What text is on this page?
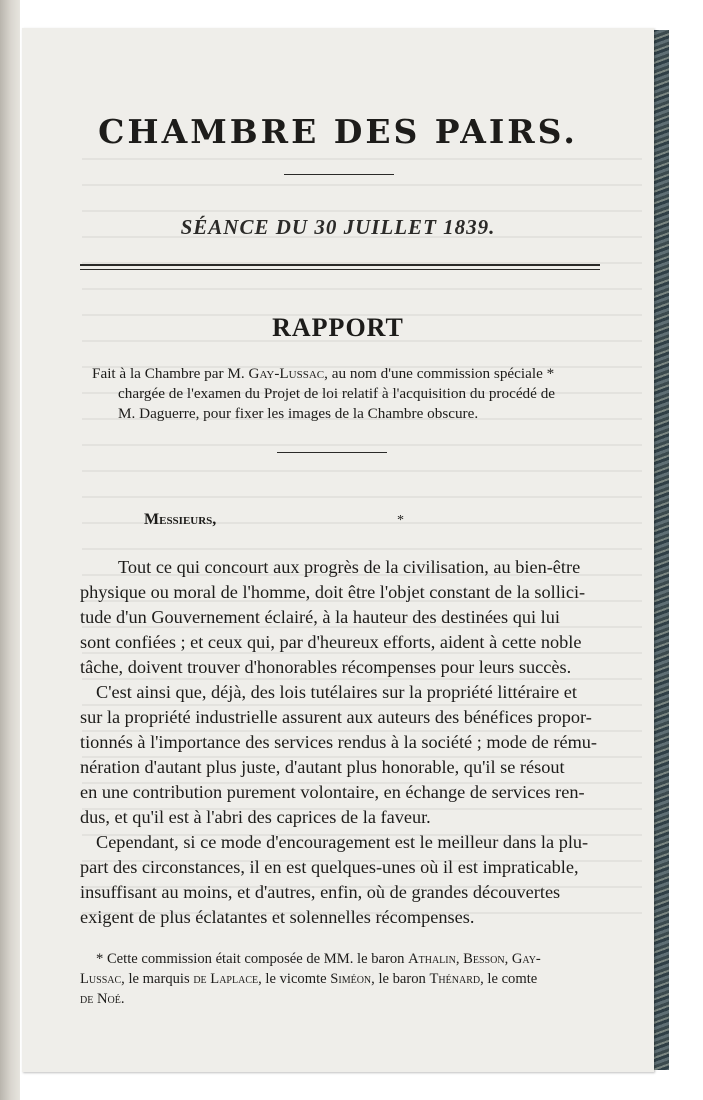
CHAMBRE DES PAIRS.
SÉANCE DU 30 JUILLET 1839.
RAPPORT
Fait à la Chambre par M. Gay-Lussac, au nom d'une commission spéciale *
chargée de l'examen du Projet de loi relatif à l'acquisition du procédé de
M. Daguerre, pour fixer les images de la Chambre obscure.
Messieurs,	*
Tout ce qui concourt aux progrès de la civilisation, au bien-être
physique ou moral de l'homme, doit être l'objet constant de la sollici-
tude d'un Gouvernement éclairé, à la hauteur des destinées qui lui
sont confiées ; et ceux qui, par d'heureux efforts, aident à cette noble
tâche, doivent trouver d'honorables récompenses pour leurs succès.
C'est ainsi que, déjà, des lois tutélaires sur la propriété littéraire et
sur la propriété industrielle assurent aux auteurs des bénéfices propor-
tionnés à l'importance des services rendus à la société ; mode de rému-
nération d'autant plus juste, d'autant plus honorable, qu'il se résout
en une contribution purement volontaire, en échange de services ren-
dus, et qu'il est à l'abri des caprices de la faveur.
Cependant, si ce mode d'encouragement est le meilleur dans la plu-
part des circonstances, il en est quelques-unes où il est impraticable,
insuffisant au moins, et d'autres, enfin, où de grandes découvertes
exigent de plus éclatantes et solennelles récompenses.
* Cette commission était composée de MM. le baron Athalin, Besson, Gay-
Lussac, le marquis de Laplace, le vicomte Siméon, le baron Thénard, le comte
de Noé.
